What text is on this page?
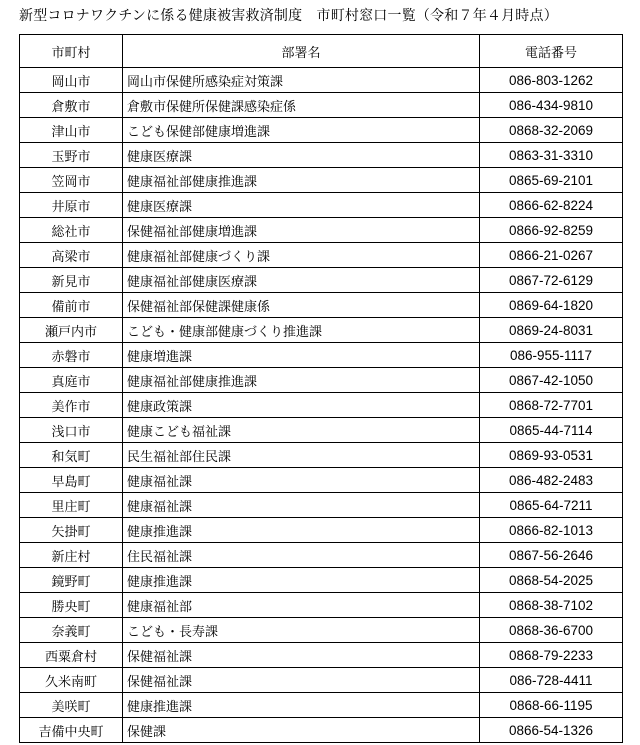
新型コロナワクチンに係る健康被害救済制度　市町村窓口一覧（令和７年４月時点）
市町村	部署名	電話番号
岡山市	岡山市保健所感染症対策課	086-803-1262
倉敷市	倉敷市保健所保健課感染症係	086-434-9810
津山市	こども保健部健康増進課	0868-32-2069
玉野市	健康医療課	0863-31-3310
笠岡市	健康福祉部健康推進課	0865-69-2101
井原市	健康医療課	0866-62-8224
総社市	保健福祉部健康増進課	0866-92-8259
高梁市	健康福祉部健康づくり課	0866-21-0267
新見市	健康福祉部健康医療課	0867-72-6129
備前市	保健福祉部保健課健康係	0869-64-1820
瀬戸内市	こども・健康部健康づくり推進課	0869-24-8031
赤磐市	健康増進課	086-955-1117
真庭市	健康福祉部健康推進課	0867-42-1050
美作市	健康政策課	0868-72-7701
浅口市	健康こども福祉課	0865-44-7114
和気町	民生福祉部住民課	0869-93-0531
早島町	健康福祉課	086-482-2483
里庄町	健康福祉課	0865-64-7211
矢掛町	健康推進課	0866-82-1013
新庄村	住民福祉課	0867-56-2646
鏡野町	健康推進課	0868-54-2025
勝央町	健康福祉部	0868-38-7102
奈義町	こども・長寿課	0868-36-6700
西粟倉村	保健福祉課	0868-79-2233
久米南町	保健福祉課	086-728-4411
美咲町	健康推進課	0868-66-1195
吉備中央町	保健課	0866-54-1326
